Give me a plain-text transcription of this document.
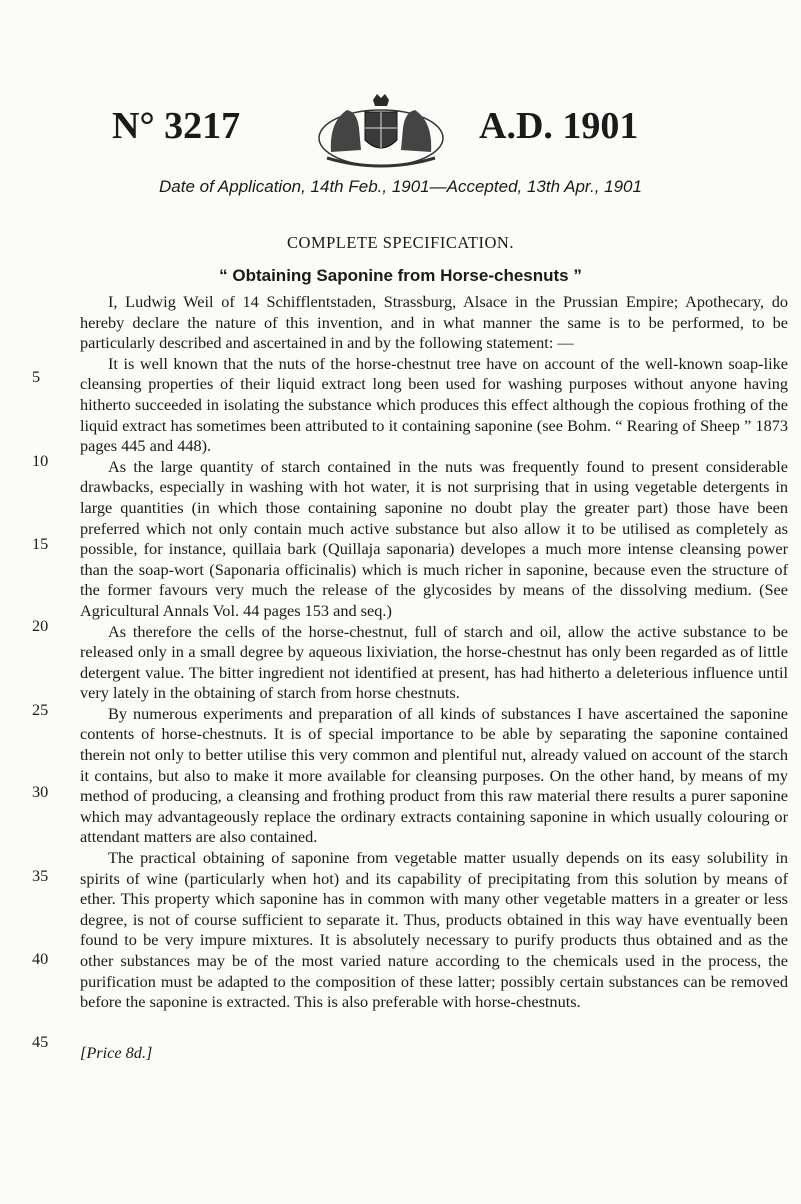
N° 3217	A.D. 1901
Date of Application, 14th Feb., 1901—Accepted, 13th Apr., 1901
COMPLETE SPECIFICATION.
“ Obtaining Saponine from Horse-chesnuts ”
5
10
15
20
25
30
35
40
45

I, Ludwig Weil of 14 Schifflentstaden, Strassburg, Alsace in the Prussian Empire; Apothecary, do hereby declare the nature of this invention, and in what manner the same is to be performed, to be particularly described and ascertained in and by the following statement: —

It is well known that the nuts of the horse-chestnut tree have on account of the well-known soap-like cleansing properties of their liquid extract long been used for washing purposes without anyone having hitherto succeeded in isolating the substance which produces this effect although the copious frothing of the liquid extract has sometimes been attributed to it containing saponine (see Bohm. “ Rearing of Sheep ” 1873 pages 445 and 448).

As the large quantity of starch contained in the nuts was frequently found to present considerable drawbacks, especially in washing with hot water, it is not surprising that in using vegetable detergents in large quantities (in which those containing saponine no doubt play the greater part) those have been preferred which not only contain much active substance but also allow it to be utilised as completely as possible, for instance, quillaia bark (Quillaja saponaria) developes a much more intense cleansing power than the soap-wort (Saponaria officinalis) which is much richer in saponine, because even the structure of the former favours very much the release of the glycosides by means of the dissolving medium. (See Agricultural Annals Vol. 44 pages 153 and seq.)

As therefore the cells of the horse-chestnut, full of starch and oil, allow the active substance to be released only in a small degree by aqueous lixiviation, the horse-chestnut has only been regarded as of little detergent value. The bitter ingredient not identified at present, has had hitherto a deleterious influence until very lately in the obtaining of starch from horse chestnuts.

By numerous experiments and preparation of all kinds of substances I have ascertained the saponine contents of horse-chestnuts. It is of special importance to be able by separating the saponine contained therein not only to better utilise this very common and plentiful nut, already valued on account of the starch it contains, but also to make it more available for cleansing purposes. On the other hand, by means of my method of producing, a cleansing and frothing product from this raw material there results a purer saponine which may advantageously replace the ordinary extracts containing saponine in which usually colouring or attendant matters are also contained.

The practical obtaining of saponine from vegetable matter usually depends on its easy solubility in spirits of wine (particularly when hot) and its capability of precipitating from this solution by means of ether. This property which saponine has in common with many other vegetable matters in a greater or less degree, is not of course sufficient to separate it. Thus, products obtained in this way have eventually been found to be very impure mixtures. It is absolutely necessary to purify products thus obtained and as the other substances may be of the most varied nature according to the chemicals used in the process, the purification must be adapted to the composition of these latter; possibly certain substances can be removed before the saponine is extracted. This is also preferable with horse-chestnuts.

[Price 8d.]
